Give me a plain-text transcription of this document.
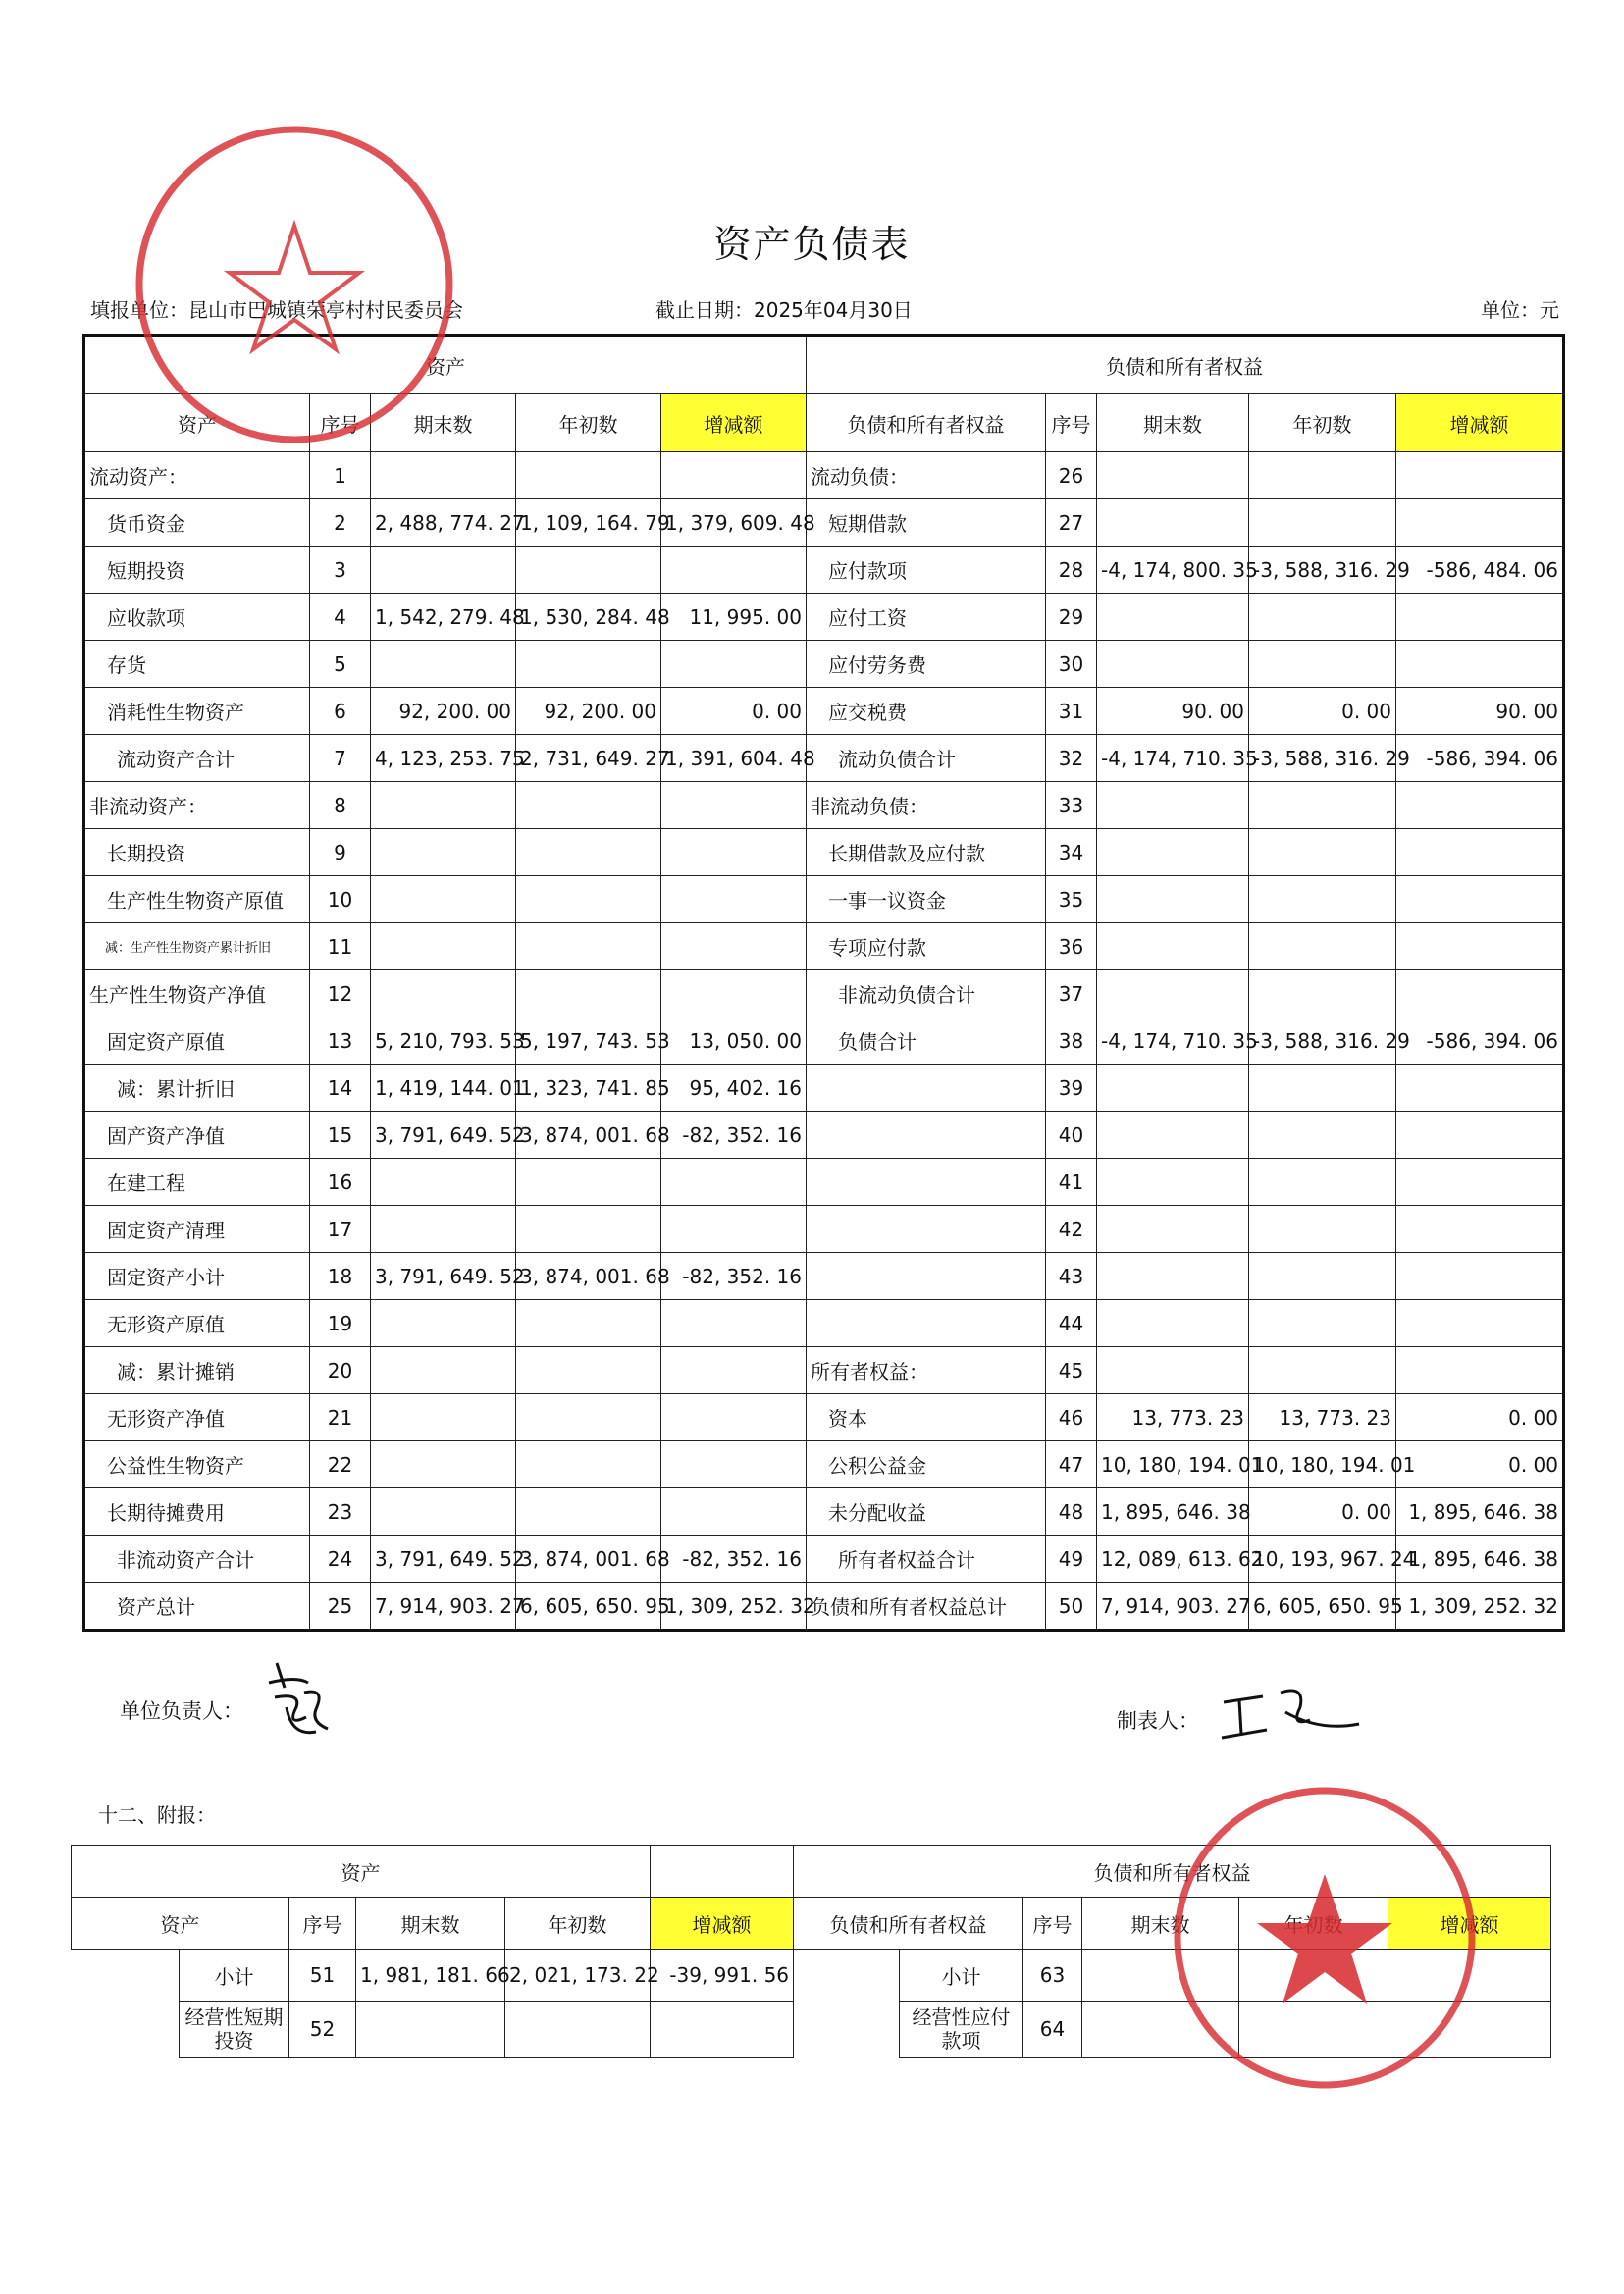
资产负债表
填报单位：昆山市巴城镇荣亭村村民委员会	截止日期：2025年04月30日	单位：元
资产					负债和所有者权益				
资产	序号	期末数	年初数	增减额	负债和所有者权益	序号	期末数	年初数	增减额
流动资产：	1				流动负债：	26			
货币资金	2	2, 488, 774. 27	1, 109, 164. 79	1, 379, 609. 48	短期借款	27			
短期投资	3				应付款项	28	-4, 174, 800. 35	-3, 588, 316. 29	-586, 484. 06
应收款项	4	1, 542, 279. 48	1, 530, 284. 48	11, 995. 00	应付工资	29			
存货	5				应付劳务费	30			
消耗性生物资产	6	92, 200. 00	92, 200. 00	0. 00	应交税费	31	90. 00	0. 00	90. 00
流动资产合计	7	4, 123, 253. 75	2, 731, 649. 27	1, 391, 604. 48	流动负债合计	32	-4, 174, 710. 35	-3, 588, 316. 29	-586, 394. 06
非流动资产：	8				非流动负债：	33			
长期投资	9				长期借款及应付款	34			
生产性生物资产原值	10				一事一议资金	35			
减：生产性生物资产累计折旧	11				专项应付款	36			
生产性生物资产净值	12				非流动负债合计	37			
固定资产原值	13	5, 210, 793. 53	5, 197, 743. 53	13, 050. 00	负债合计	38	-4, 174, 710. 35	-3, 588, 316. 29	-586, 394. 06
减：累计折旧	14	1, 419, 144. 01	1, 323, 741. 85	95, 402. 16		39			
固产资产净值	15	3, 791, 649. 52	3, 874, 001. 68	-82, 352. 16		40			
在建工程	16					41			
固定资产清理	17					42			
固定资产小计	18	3, 791, 649. 52	3, 874, 001. 68	-82, 352. 16		43			
无形资产原值	19					44			
减：累计摊销	20				所有者权益：	45			
无形资产净值	21				资本	46	13, 773. 23	13, 773. 23	0. 00
公益性生物资产	22				公积公益金	47	10, 180, 194. 01	10, 180, 194. 01	0. 00
长期待摊费用	23				未分配收益	48	1, 895, 646. 38	0. 00	1, 895, 646. 38
非流动资产合计	24	3, 791, 649. 52	3, 874, 001. 68	-82, 352. 16	所有者权益合计	49	12, 089, 613. 62	10, 193, 967. 24	1, 895, 646. 38
资产总计	25	7, 914, 903. 27	6, 605, 650. 95	1, 309, 252. 32	负债和所有者权益总计	50	7, 914, 903. 27	6, 605, 650. 95	1, 309, 252. 32
单位负责人：	制表人：
十二、附报：
资产						负债和所有者权益					
资产		序号	期末数	年初数	增减额	负债和所有者权益		序号	期末数		增减额
	小计	51	1, 981, 181. 66	2, 021, 173. 22	-39, 991. 56		小计	63			
	经营性短期投资	52					经营性应付款项	64			
